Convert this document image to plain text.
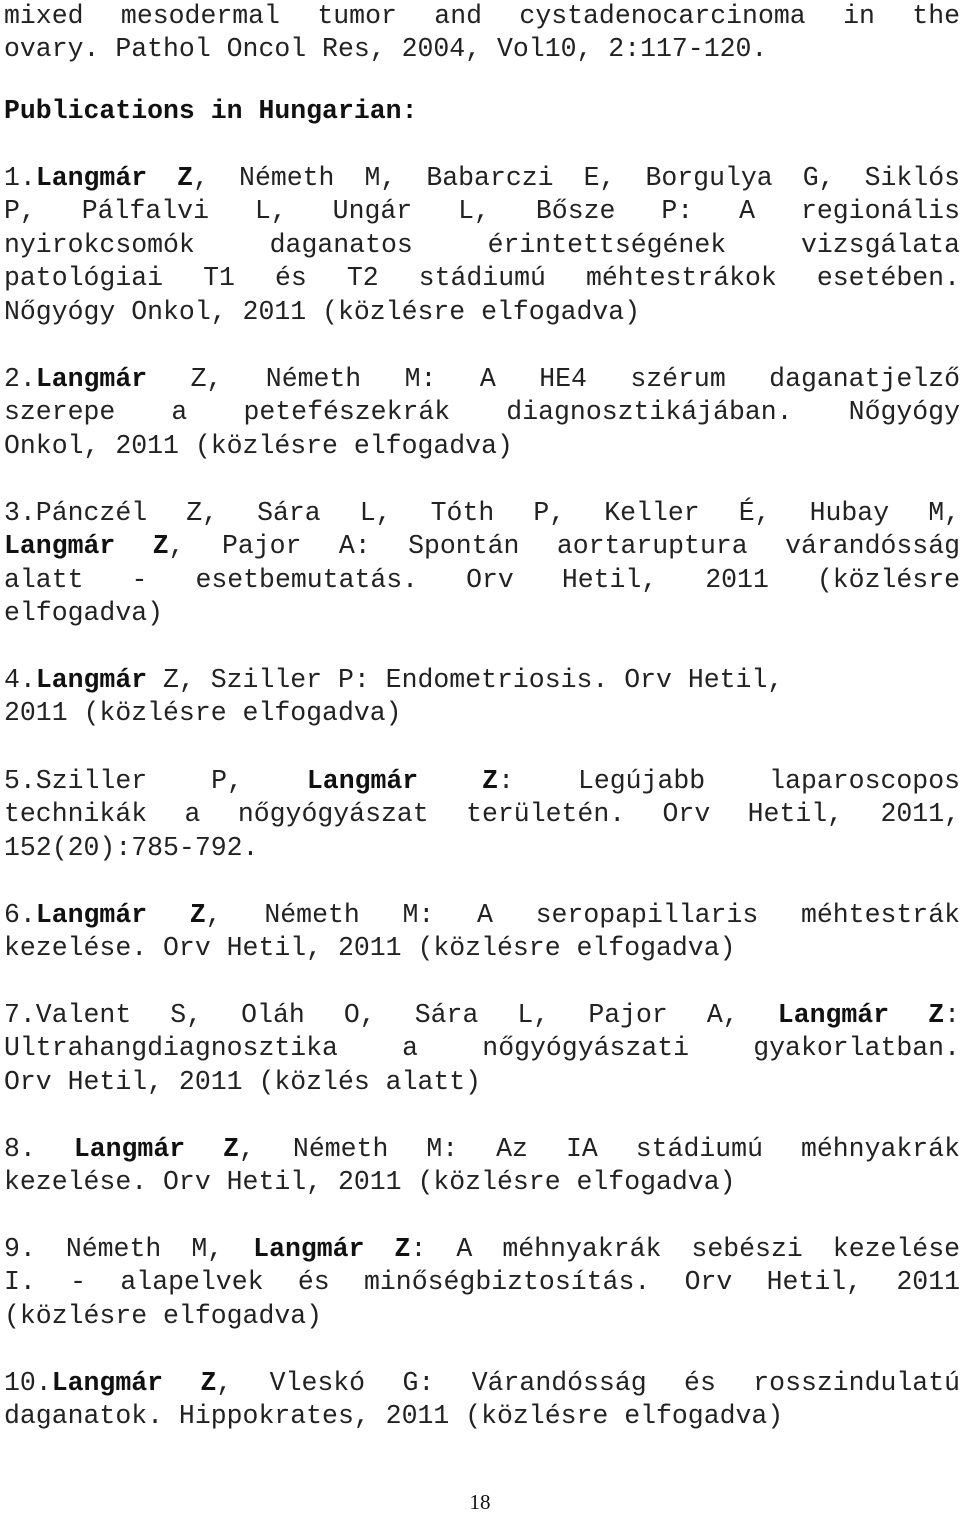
mixed mesodermal tumor and cystadenocarcinoma in the
ovary. Pathol Oncol Res, 2004, Vol10, 2:117-120.
Publications in Hungarian:
1.Langmár Z, Németh M, Babarczi E, Borgulya G, Siklós
P, Pálfalvi L, Ungár L, Bősze P: A regionális
nyirokcsomók daganatos érintettségének vizsgálata
patológiai T1 és T2 stádiumú méhtestrákok esetében.
Nőgyógy Onkol, 2011 (közlésre elfogadva)
2.Langmár Z, Németh M: A HE4 szérum daganatjelző
szerepe a petefészekrák diagnosztikájában. Nőgyógy
Onkol, 2011 (közlésre elfogadva)
3.Pánczél Z, Sára L, Tóth P, Keller É, Hubay M,
Langmár Z, Pajor A: Spontán aortaruptura várandósság
alatt - esetbemutatás. Orv Hetil, 2011 (közlésre
elfogadva)
4.Langmár Z, Sziller P: Endometriosis. Orv Hetil,
2011 (közlésre elfogadva)
5.Sziller P, Langmár Z: Legújabb laparoscopos
technikák a nőgyógyászat területén. Orv Hetil, 2011,
152(20):785-792.
6.Langmár Z, Németh M: A seropapillaris méhtestrák
kezelése. Orv Hetil, 2011 (közlésre elfogadva)
7.Valent S, Oláh O, Sára L, Pajor A, Langmár Z:
Ultrahangdiagnosztika a nőgyógyászati gyakorlatban.
Orv Hetil, 2011 (közlés alatt)
8. Langmár Z, Németh M: Az IA stádiumú méhnyakrák
kezelése. Orv Hetil, 2011 (közlésre elfogadva)
9. Németh M, Langmár Z: A méhnyakrák sebészi kezelése
I. - alapelvek és minőségbiztosítás. Orv Hetil, 2011
(közlésre elfogadva)
10.Langmár Z, Vleskó G: Várandósság és rosszindulatú
daganatok. Hippokrates, 2011 (közlésre elfogadva)
18
